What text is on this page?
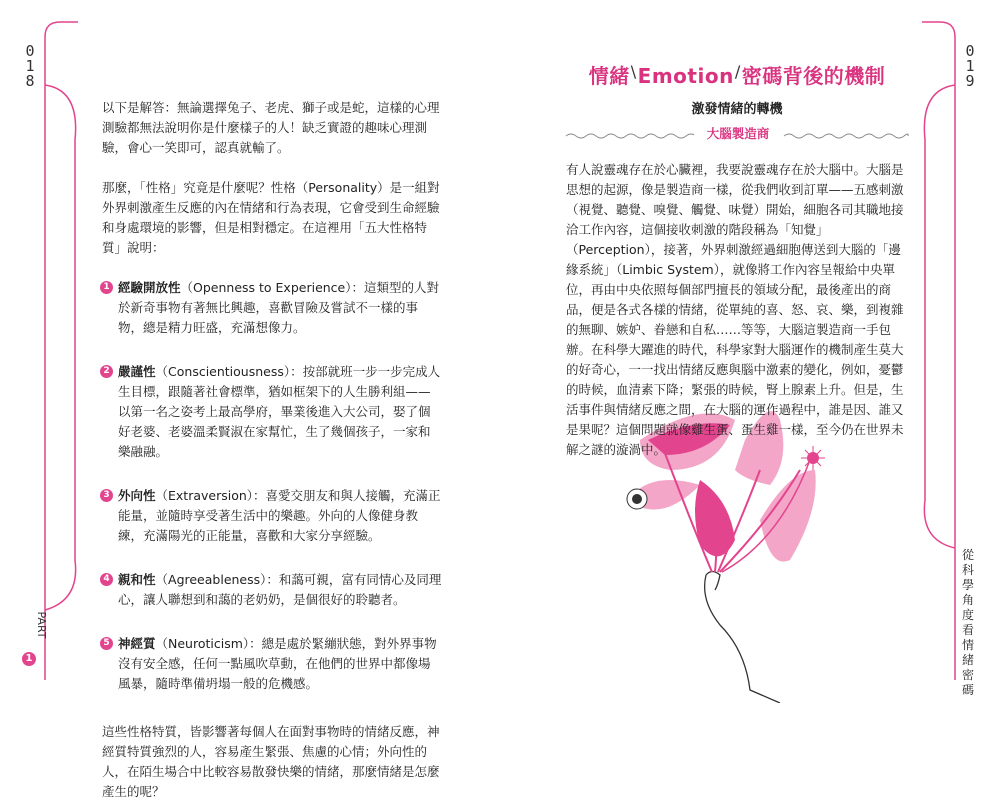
0
1
8
0
1
9

以下是解答：無論選擇兔子、老虎、獅子或是蛇，這樣的心理測驗都無法說明你是什麼樣子的人！缺乏實證的趣味心理測驗，會心一笑即可，認真就輸了。

那麼，「性格」究竟是什麼呢？性格（Personality）是一組對外界刺激產生反應的內在情緒和行為表現，它會受到生命經驗和身處環境的影響，但是相對穩定。在這裡用「五大性格特質」說明：

1 經驗開放性（Openness to Experience）：這類型的人對於新奇事物有著無比興趣，喜歡冒險及嘗試不一樣的事物，總是精力旺盛，充滿想像力。
2 嚴謹性（Conscientiousness）：按部就班一步一步完成人生目標，跟隨著社會標準，猶如框架下的人生勝利組——以第一名之姿考上最高學府，畢業後進入大公司，娶了個好老婆、老婆溫柔賢淑在家幫忙，生了幾個孩子，一家和樂融融。
3 外向性（Extraversion）：喜愛交朋友和與人接觸，充滿正能量，並隨時享受著生活中的樂趣。外向的人像健身教練，充滿陽光的正能量，喜歡和大家分享經驗。
4 親和性（Agreeableness）：和藹可親，富有同情心及同理心，讓人聯想到和藹的老奶奶，是個很好的聆聽者。
5 神經質（Neuroticism）：總是處於緊繃狀態，對外界事物沒有安全感，任何一點風吹草動，在他們的世界中都像場風暴，隨時準備坍塌一般的危機感。

這些性格特質，皆影響著每個人在面對事物時的情緒反應，神經質特質強烈的人，容易產生緊張、焦慮的心情；外向性的人，在陌生場合中比較容易散發快樂的情緒，那麼情緒是怎麼產生的呢？

PART
1
情緒\Emotion/密碼背後的機制
激發情緒的轉機
大腦製造商
有人說靈魂存在於心臟裡，我要說靈魂存在於大腦中。大腦是思想的起源，像是製造商一樣，從我們收到訂單——五感刺激（視覺、聽覺、嗅覺、觸覺、味覺）開始，細胞各司其職地接洽工作內容，這個接收刺激的階段稱為「知覺」（Perception），接著，外界刺激經過細胞傳送到大腦的「邊緣系統」（Limbic System），就像將工作內容呈報給中央單位，再由中央依照每個部門擅長的領域分配，最後產出的商品，便是各式各樣的情緒，從單純的喜、怒、哀、樂，到複雜的無聊、嫉妒、眷戀和自私……等等，大腦這製造商一手包辦。在科學大躍進的時代，科學家對大腦運作的機制產生莫大的好奇心，一一找出情緒反應與腦中激素的變化，例如，憂鬱的時候，血清素下降；緊張的時候，腎上腺素上升。但是，生活事件與情緒反應之間，在大腦的運作過程中，誰是因、誰又是果呢？這個問題就像雞生蛋、蛋生雞一樣，至今仍在世界未解之謎的漩渦中。
從
科
學
角
度
看
情
緒
密
碼
